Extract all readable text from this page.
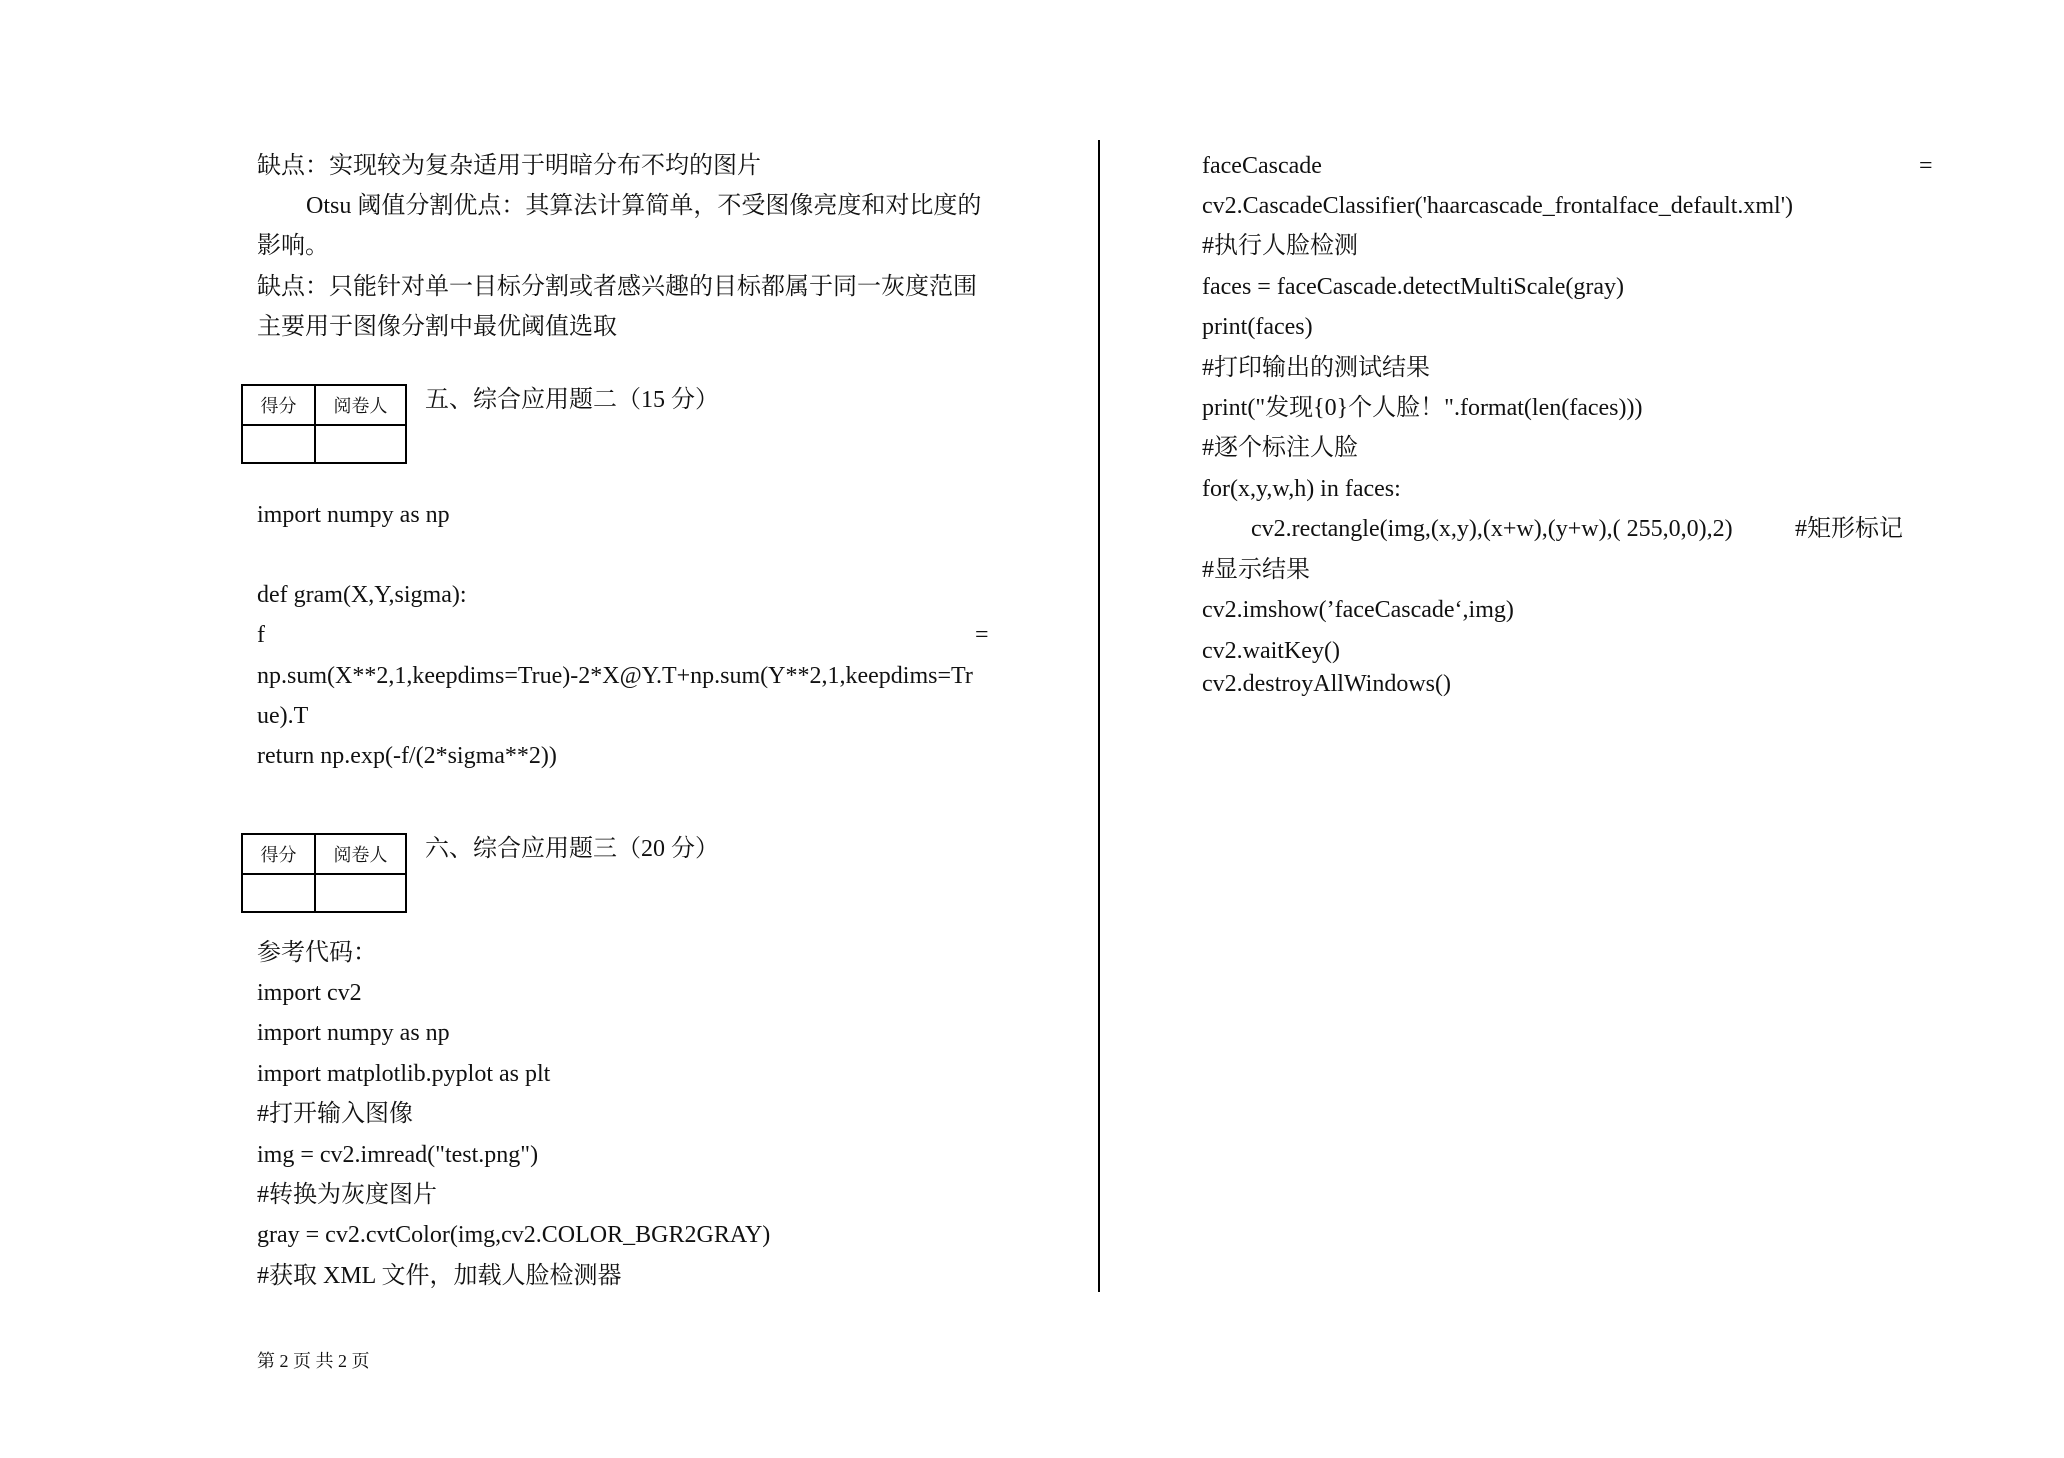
缺点：实现较为复杂适用于明暗分布不均的图片
Otsu 阈值分割优点：其算法计算简单，不受图像亮度和对比度的
影响。
缺点：只能针对单一目标分割或者感兴趣的目标都属于同一灰度范围
主要用于图像分割中最优阈值选取
得分	阅卷人
	五、综合应用题二（15 分）
import numpy as np
def gram(X,Y,sigma):
f	=
np.sum(X**2,1,keepdims=True)-2*X@Y.T+np.sum(Y**2,1,keepdims=Tr
ue).T
return np.exp(-f/(2*sigma**2))
得分	阅卷人
	六、综合应用题三（20 分）
参考代码：
import cv2
import numpy as np
import matplotlib.pyplot as plt
#打开输入图像
img = cv2.imread("test.png")
#转换为灰度图片
gray = cv2.cvtColor(img,cv2.COLOR_BGR2GRAY)
#获取 XML 文件，加载人脸检测器
faceCascade	=
cv2.CascadeClassifier('haarcascade_frontalface_default.xml')
#执行人脸检测
faces = faceCascade.detectMultiScale(gray)
print(faces)
#打印输出的测试结果
print("发现{0}个人脸！".format(len(faces)))
#逐个标注人脸
for(x,y,w,h) in faces:
cv2.rectangle(img,(x,y),(x+w),(y+w),( 255,0,0),2)	#矩形标记
#显示结果
cv2.imshow(’faceCascade‘,img)
cv2.waitKey()
cv2.destroyAllWindows()
第 2 页 共 2 页
